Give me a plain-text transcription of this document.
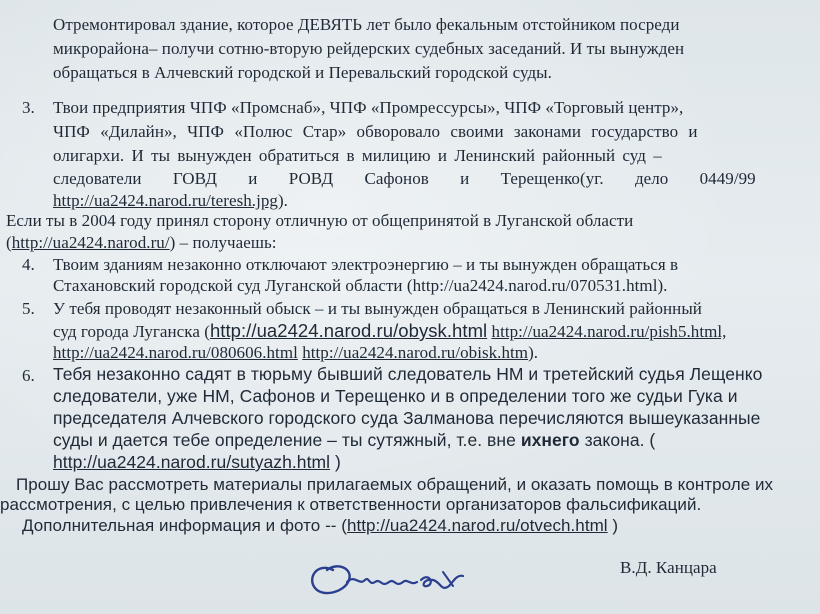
Отремонтировал здание, которое ДЕВЯТЬ лет было фекальным отстойником посреди
микрорайона– получи сотню-вторую рейдерских судебных заседаний. И ты вынужден
обращаться в Алчевский городской и Перевальский городской суды.
3. Твои предприятия ЧПФ «Промснаб», ЧПФ «Промрессурсы», ЧПФ «Торговый центр»,
ЧПФ «Дилайн», ЧПФ «Полюс Стар» обворовало своими законами государство и
олигархи. И ты вынужден обратиться в милицию и Ленинский районный суд –
следователи ГОВД и РОВД Сафонов и Терещенко(уг. дело 0449/99
http://ua2424.narod.ru/teresh.jpg).
Если ты в 2004 году принял сторону отличную от общепринятой в Луганской области
(http://ua2424.narod.ru/) – получаешь:
4. Твоим зданиям незаконно отключают электроэнергию – и ты вынужден обращаться в
Стахановский городской суд Луганской области (http://ua2424.narod.ru/070531.html).
5. У тебя проводят незаконный обыск – и ты вынужден обращаться в Ленинский районный
суд города Луганска (http://ua2424.narod.ru/obysk.html http://ua2424.narod.ru/pish5.html,
http://ua2424.narod.ru/080606.html http://ua2424.narod.ru/obisk.htm).
6. Тебя незаконно садят в тюрьму бывший следователь НМ и третейский судья Лещенко
следователи, уже НМ, Сафонов и Терещенко и в определении того же судьи Гука и
председателя Алчевского городского суда Залманова перечисляются вышеуказанные
суды и дается тебе определение – ты сутяжный, т.е. вне ихнего закона. (
http://ua2424.narod.ru/sutyazh.html )
Прошу Вас рассмотреть материалы прилагаемых обращений, и оказать помощь в контроле их
рассмотрения, с целью привлечения к ответственности организаторов фальсификаций.
Дополнительная информация и фото -- (http://ua2424.narod.ru/otvech.html )
В.Д. Канцара
